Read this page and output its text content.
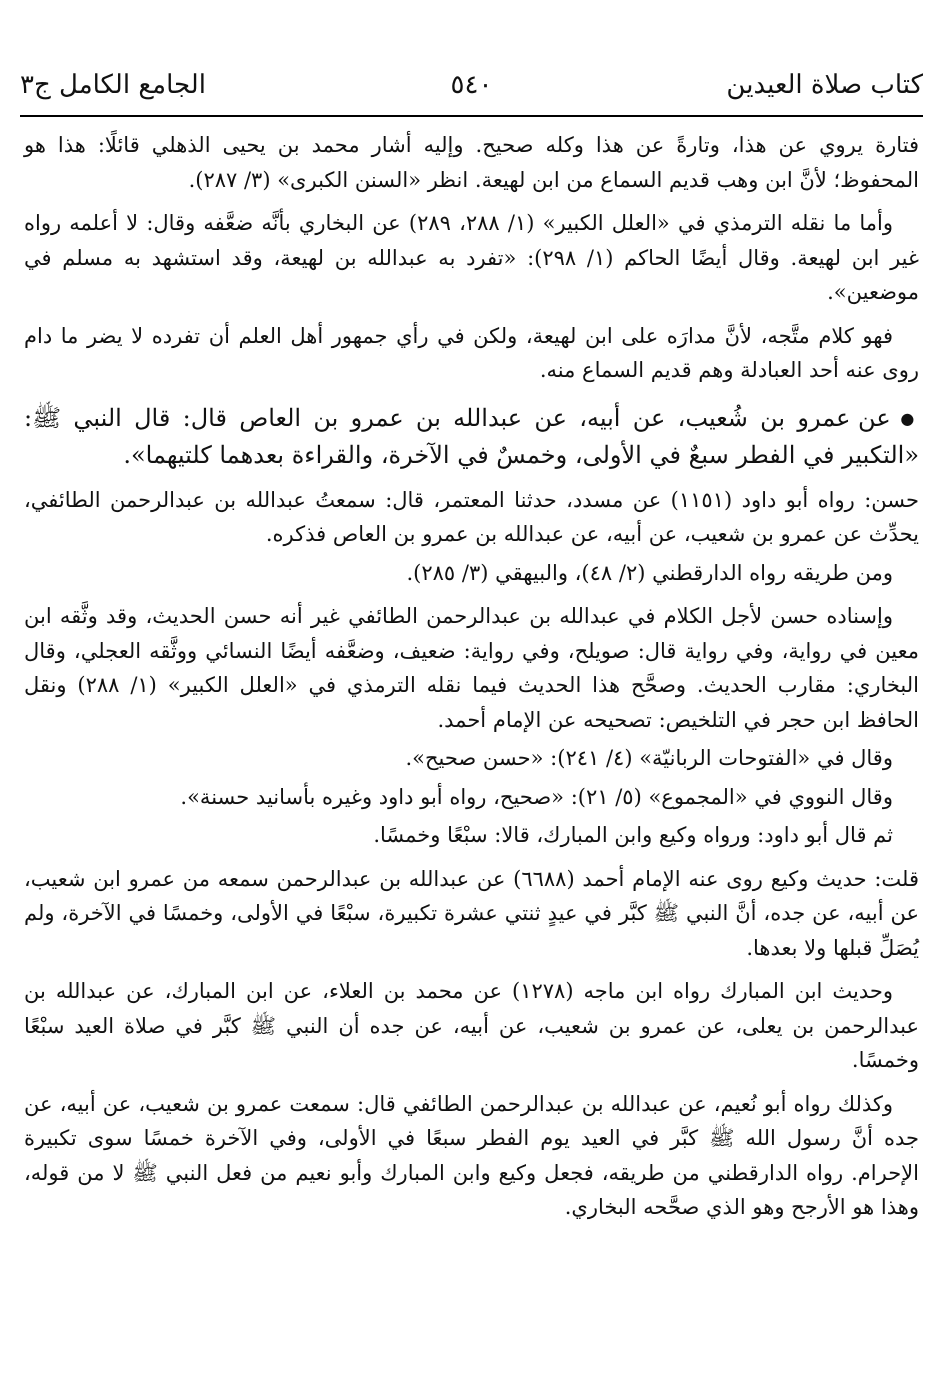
كتاب صلاة العيدين
٥٤٠
الجامع الكامل ج٣

فتارة يروي عن هذا، وتارةً عن هذا وكله صحيح. وإليه أشار محمد بن يحيى الذهلي قائلًا: هذا هو المحفوظ؛ لأنَّ ابن وهب قديم السماع من ابن لهيعة. انظر «السنن الكبرى» (٣/ ٢٨٧).

وأما ما نقله الترمذي في «العلل الكبير» (١/ ٢٨٨، ٢٨٩) عن البخاري بأنَّه ضعَّفه وقال: لا أعلمه رواه غير ابن لهيعة. وقال أيضًا الحاكم (١/ ٢٩٨): «تفرد به عبدالله بن لهيعة، وقد استشهد به مسلم في موضعين».

فهو كلام متَّجه، لأنَّ مدارَه على ابن لهيعة، ولكن في رأي جمهور أهل العلم أن تفرده لا يضر ما دام روى عنه أحد العبادلة وهم قديم السماع منه.

● عن عمرو بن شُعيب، عن أبيه، عن عبدالله بن عمرو بن العاص قال: قال النبي ﷺ: «التكبير في الفطر سبعٌ في الأولى، وخمسٌ في الآخرة، والقراءة بعدهما كلتيهما».

حسن: رواه أبو داود (١١٥١) عن مسدد، حدثنا المعتمر، قال: سمعتُ عبدالله بن عبدالرحمن الطائفي، يحدِّث عن عمرو بن شعيب، عن أبيه، عن عبدالله بن عمرو بن العاص فذكره.

ومن طريقه رواه الدارقطني (٢/ ٤٨)، والبيهقي (٣/ ٢٨٥).

وإسناده حسن لأجل الكلام في عبدالله بن عبدالرحمن الطائفي غير أنه حسن الحديث، وقد وثَّقه ابن معين في رواية، وفي رواية قال: صويلح، وفي رواية: ضعيف، وضعَّفه أيضًا النسائي ووثَّقه العجلي، وقال البخاري: مقارب الحديث. وصحَّح هذا الحديث فيما نقله الترمذي في «العلل الكبير» (١/ ٢٨٨) ونقل الحافظ ابن حجر في التلخيص: تصحيحه عن الإمام أحمد.

وقال في «الفتوحات الربانيّة» (٤/ ٢٤١): «حسن صحيح».

وقال النووي في «المجموع» (٥/ ٢١): «صحيح، رواه أبو داود وغيره بأسانيد حسنة».

ثم قال أبو داود: ورواه وكيع وابن المبارك، قالا: سبْعًا وخمسًا.

قلت: حديث وكيع روى عنه الإمام أحمد (٦٦٨٨) عن عبدالله بن عبدالرحمن سمعه من عمرو ابن شعيب، عن أبيه، عن جده، أنَّ النبي ﷺ كبَّر في عيدٍ ثنتي عشرة تكبيرة، سبْعًا في الأولى، وخمسًا في الآخرة، ولم يُصَلِّ قبلها ولا بعدها.

وحديث ابن المبارك رواه ابن ماجه (١٢٧٨) عن محمد بن العلاء، عن ابن المبارك، عن عبدالله بن عبدالرحمن بن يعلى، عن عمرو بن شعيب، عن أبيه، عن جده أن النبي ﷺ كبَّر في صلاة العيد سبْعًا وخمسًا.

وكذلك رواه أبو نُعيم، عن عبدالله بن عبدالرحمن الطائفي قال: سمعت عمرو بن شعيب، عن أبيه، عن جده أنَّ رسول الله ﷺ كبَّر في العيد يوم الفطر سبعًا في الأولى، وفي الآخرة خمسًا سوى تكبيرة الإحرام. رواه الدارقطني من طريقه، فجعل وكيع وابن المبارك وأبو نعيم من فعل النبي ﷺ لا من قوله، وهذا هو الأرجح وهو الذي صحَّحه البخاري.
